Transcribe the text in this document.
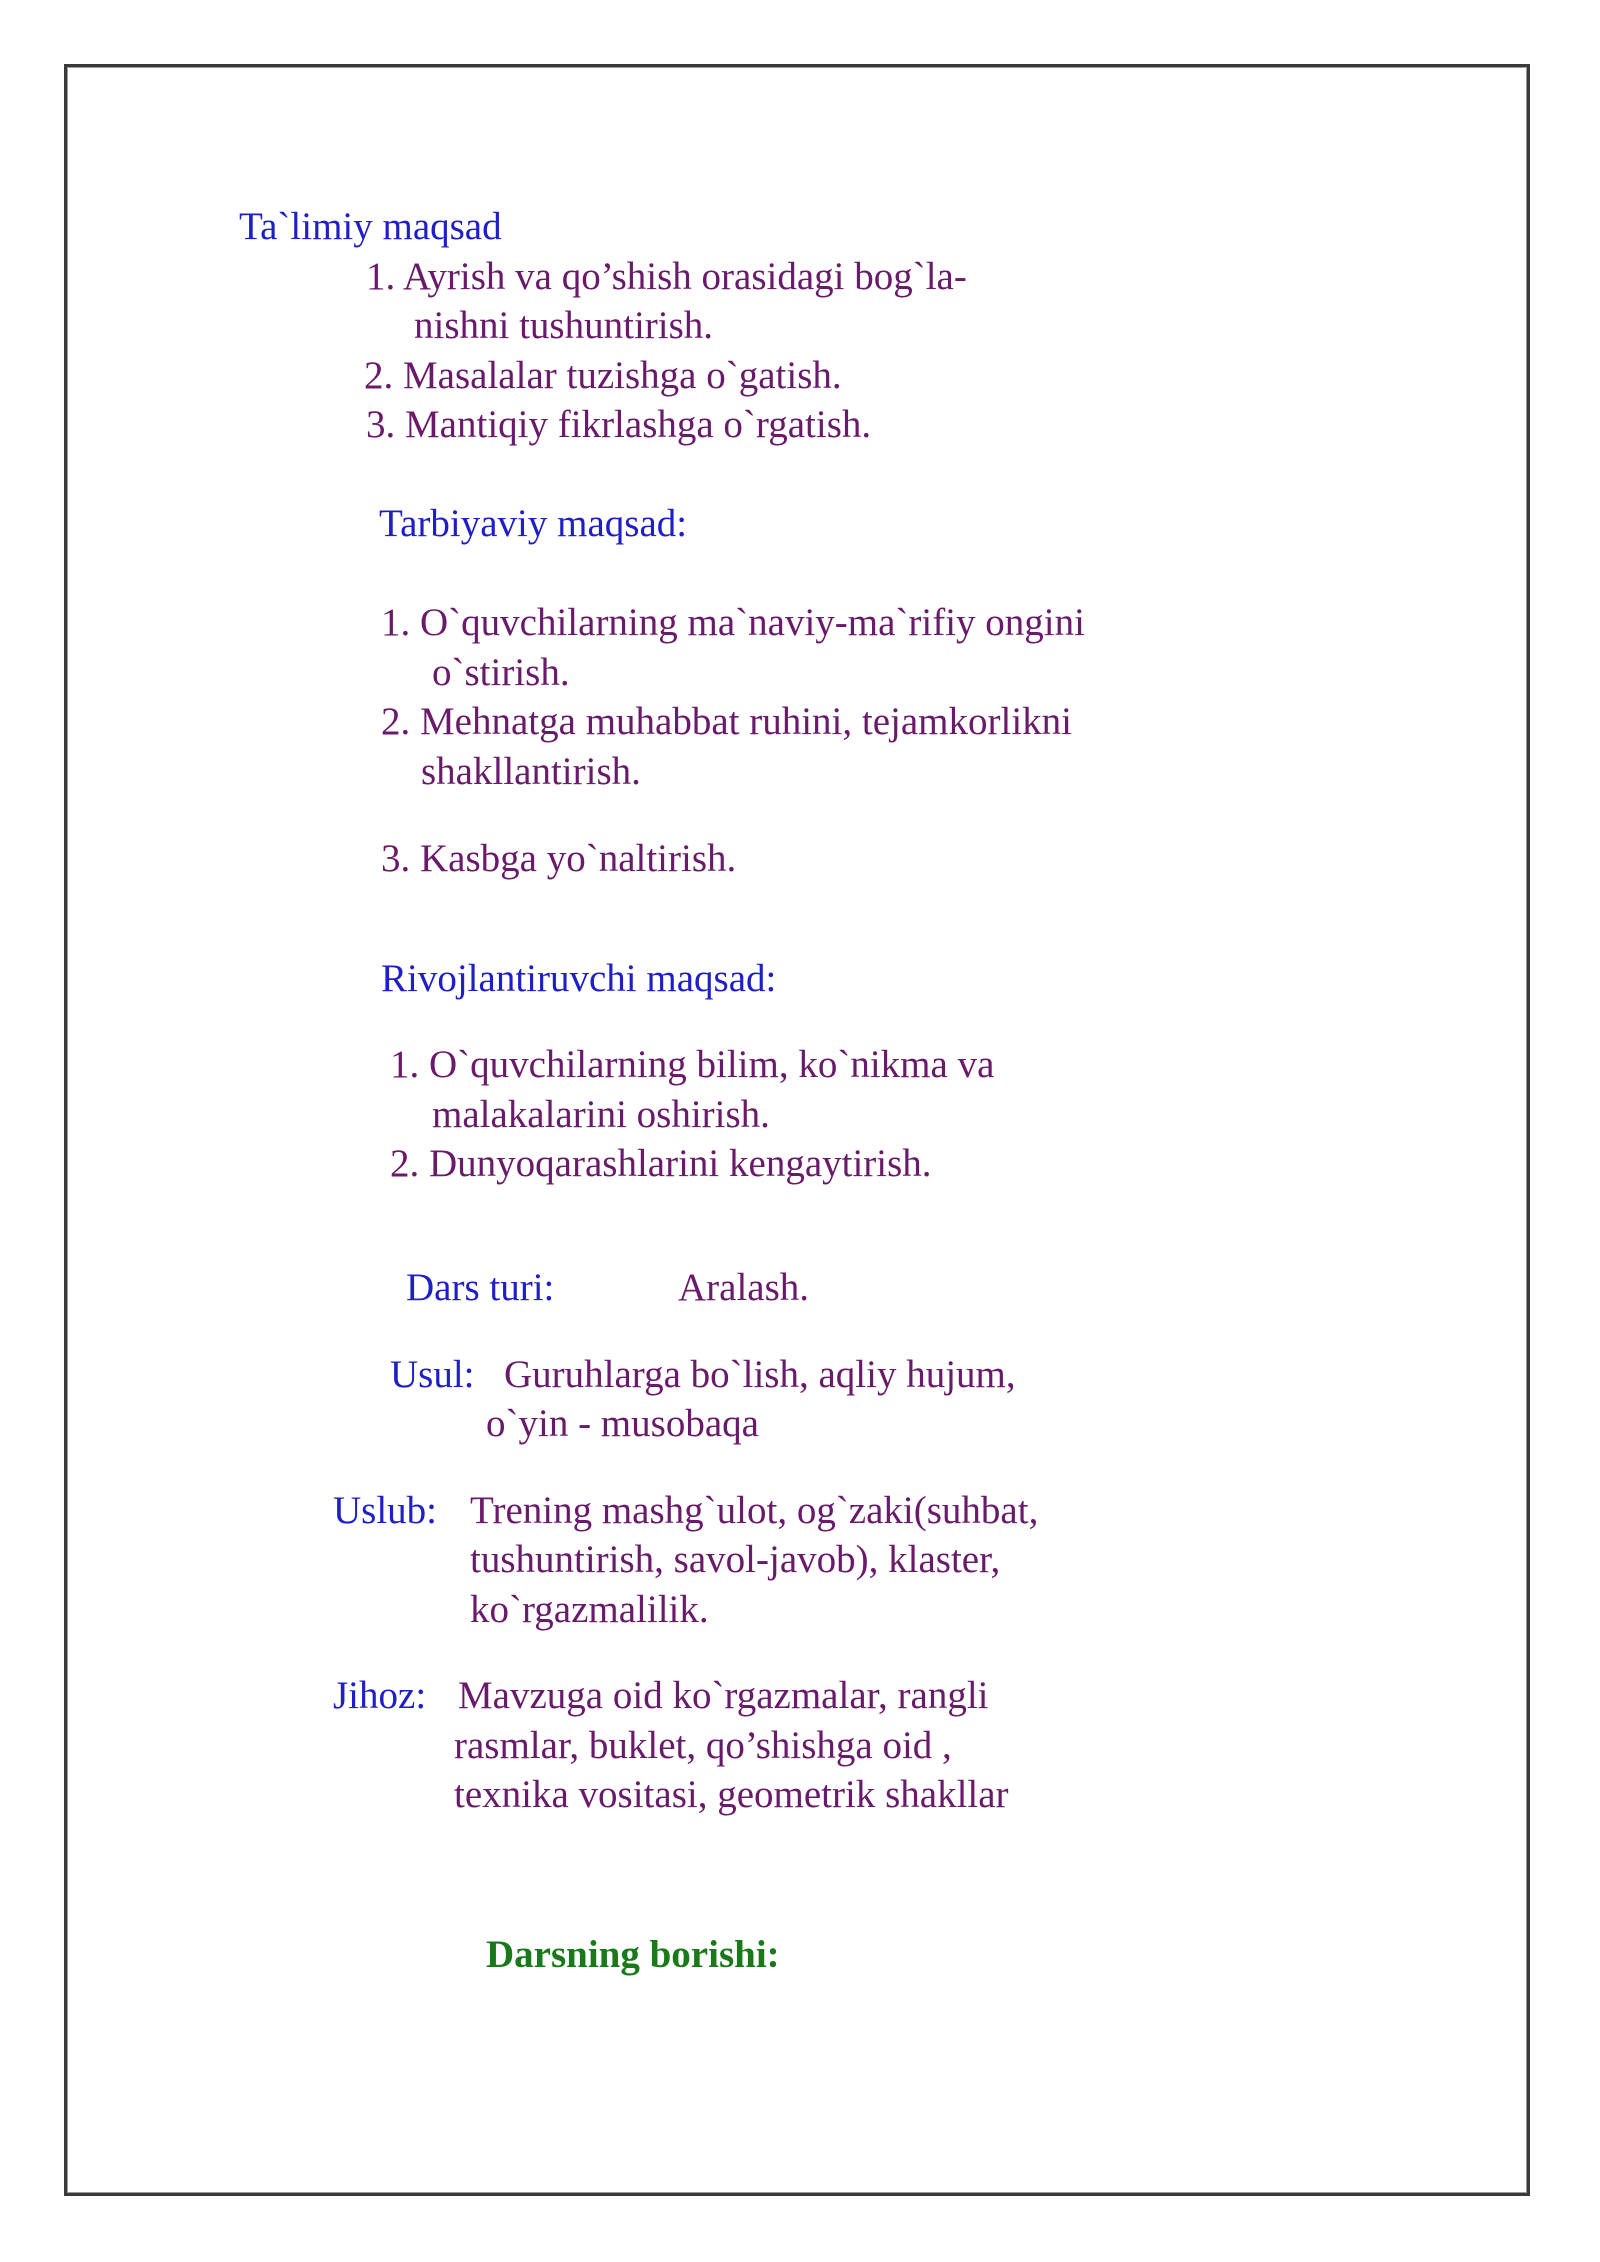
Ta`limiy maqsad
1. Ayrish va qo’shish orasidagi bog`la-
nishni tushuntirish.
2. Masalalar tuzishga o`gatish.
3. Mantiqiy fikrlashga o`rgatish.
Tarbiyaviy maqsad:
1. O`quvchilarning ma`naviy-ma`rifiy ongini
o`stirish.
2. Mehnatga muhabbat ruhini, tejamkorlikni
shakllantirish.
3. Kasbga yo`naltirish.
Rivojlantiruvchi maqsad:
1. O`quvchilarning bilim, ko`nikma va
malakalarini oshirish.
2. Dunyoqarashlarini kengaytirish.
Dars turi:	Aralash.
Usul: Guruhlarga bo`lish, aqliy hujum,
o`yin - musobaqa
Uslub: Trening mashg`ulot, og`zaki(suhbat,
tushuntirish, savol-javob), klaster,
ko`rgazmalilik.
Jihoz: Mavzuga oid ko`rgazmalar, rangli
rasmlar, buklet, qo’shishga oid ,
texnika vositasi, geometrik shakllar
Darsning borishi:
